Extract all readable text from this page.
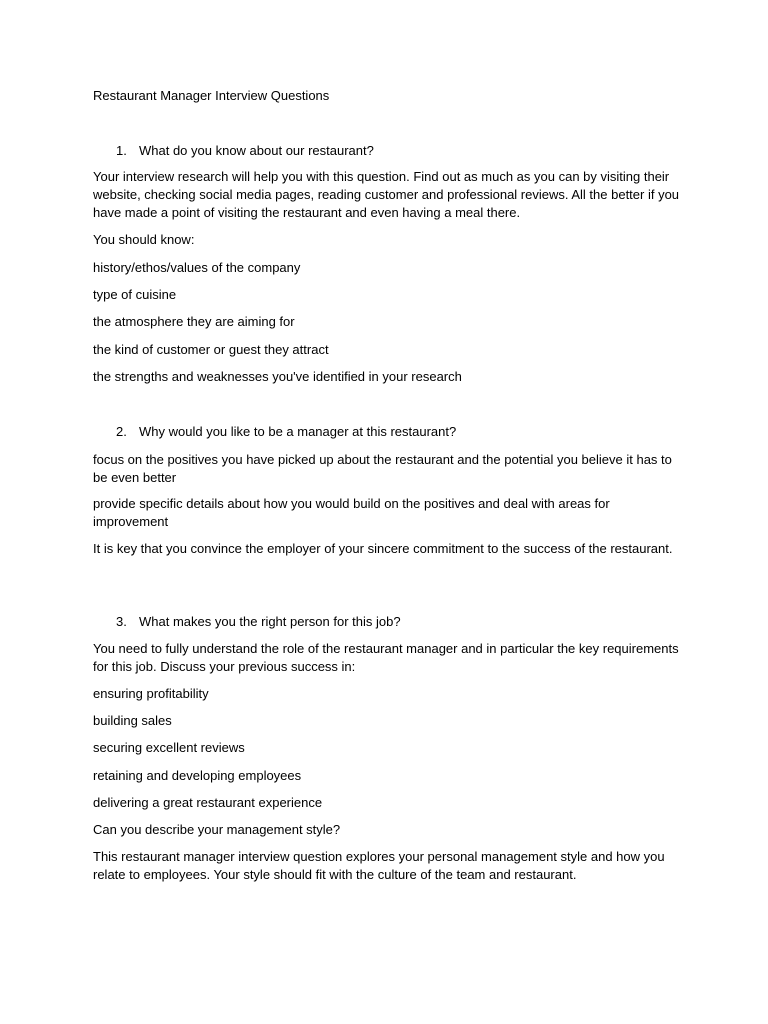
Restaurant Manager Interview Questions
1. What do you know about our restaurant?
Your interview research will help you with this question. Find out as much as you can by visiting their website, checking social media pages, reading customer and professional reviews. All the better if you have made a point of visiting the restaurant and even having a meal there.
You should know:
history/ethos/values of the company
type of cuisine
the atmosphere they are aiming for
the kind of customer or guest they attract
the strengths and weaknesses you've identified in your research
2. Why would you like to be a manager at this restaurant?
focus on the positives you have picked up about the restaurant and the potential you believe it has to be even better
provide specific details about how you would build on the positives and deal with areas for improvement
It is key that you convince the employer of your sincere commitment to the success of the restaurant.
3. What makes you the right person for this job?
You need to fully understand the role of the restaurant manager and in particular the key requirements for this job. Discuss your previous success in:
ensuring profitability
building sales
securing excellent reviews
retaining and developing employees
delivering a great restaurant experience
Can you describe your management style?
This restaurant manager interview question explores your personal management style and how you relate to employees. Your style should fit with the culture of the team and restaurant.
